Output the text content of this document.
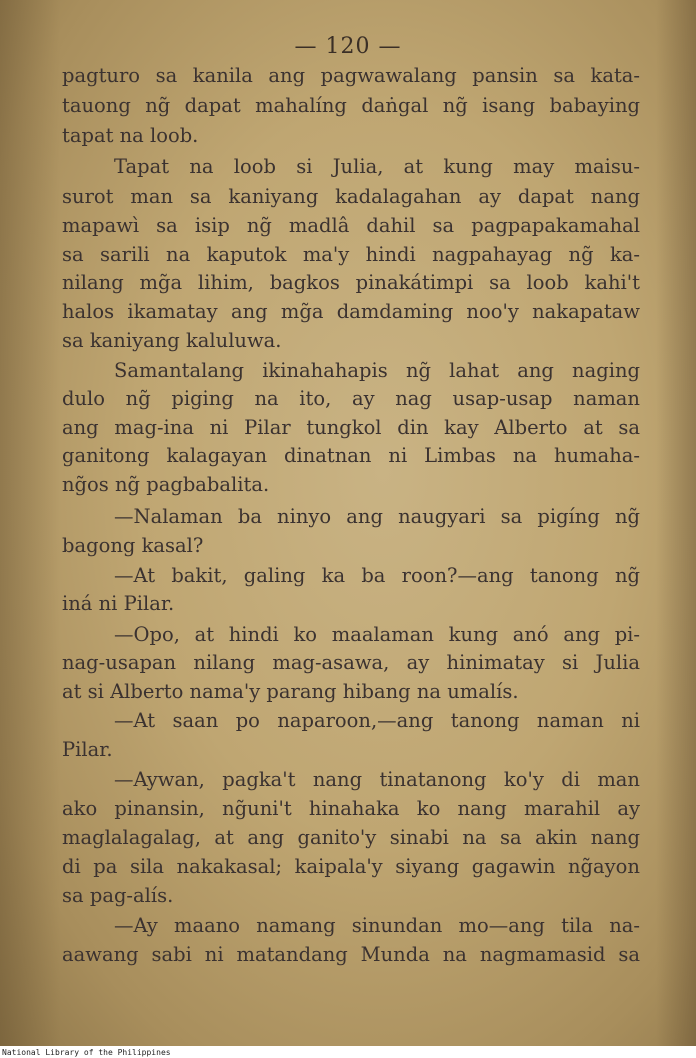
— 120 —
pagturo sa kanila ang pagwawalang pansin sa kata-
tauong ng̃ dapat mahalíng daṅgal ng̃ isang babaying
tapat na loob.
Tapat na loob si Julia, at kung may maisu-
surot man sa kaniyang kadalagahan ay dapat nang
mapawì sa isip ng̃ madlâ dahil sa pagpapakamahal
sa sarili na kaputok ma'y hindi nagpahayag ng̃ ka-
nilang mg̃a lihim, bagkos pinakátimpi sa loob kahi't
halos ikamatay ang mg̃a damdaming noo'y nakapataw
sa kaniyang kaluluwa.
Samantalang ikinahahapis ng̃ lahat ang naging
dulo ng̃ piging na ito, ay nag usap-usap naman
ang mag-ina ni Pilar tungkol din kay Alberto at sa
ganitong kalagayan dinatnan ni Limbas na humaha-
ng̃os ng̃ pagbabalita.
—Nalaman ba ninyo ang naugyari sa pigíng ng̃
bagong kasal?
—At bakit, galing ka ba roon?—ang tanong ng̃
iná ni Pilar.
—Opo, at hindi ko maalaman kung anó ang pi-
nag-usapan nilang mag-asawa, ay hinimatay si Julia
at si Alberto nama'y parang hibang na umalís.
—At saan po naparoon,—ang tanong naman ni
Pilar.
—Aywan, pagka't nang tinatanong ko'y di man
ako pinansin, ng̃uni't hinahaka ko nang marahil ay
maglalagalag, at ang ganito'y sinabi na sa akin nang
di pa sila nakakasal; kaipala'y siyang gagawin ng̃ayon
sa pag-alís.
—Ay maano namang sinundan mo—ang tila na-
aawang sabi ni matandang Munda na nagmamasid sa
National Library of the Philippines
